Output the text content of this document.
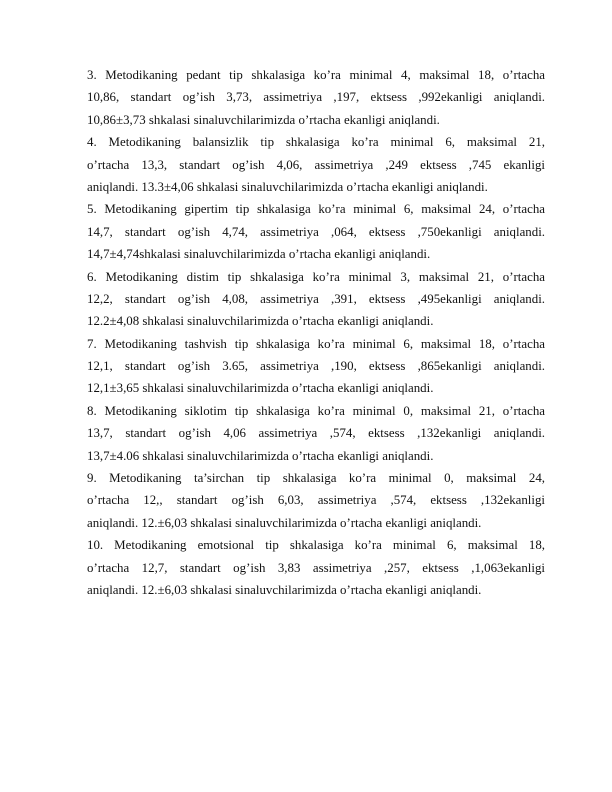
3. Metodikaning pedant tip shkalasiga ko’ra minimal 4, maksimal 18, o’rtacha
10,86, standart og’ish 3,73, assimetriya ,197, ektsess ,992ekanligi aniqlandi.
10,86±3,73 shkalasi sinaluvchilarimizda o’rtacha ekanligi aniqlandi.

4. Metodikaning balansizlik tip shkalasiga ko’ra minimal 6, maksimal 21,
o’rtacha 13,3, standart og’ish 4,06, assimetriya ,249 ektsess ,745 ekanligi
aniqlandi. 13.3±4,06 shkalasi sinaluvchilarimizda o’rtacha ekanligi aniqlandi.

5. Metodikaning gipertim tip shkalasiga ko’ra minimal 6, maksimal 24, o’rtacha
14,7, standart og’ish 4,74, assimetriya ,064, ektsess ,750ekanligi aniqlandi.
14,7±4,74shkalasi sinaluvchilarimizda o’rtacha ekanligi aniqlandi.

6. Metodikaning distim tip shkalasiga ko’ra minimal 3, maksimal 21, o’rtacha
12,2, standart og’ish 4,08, assimetriya ,391, ektsess ,495ekanligi aniqlandi.
12.2±4,08 shkalasi sinaluvchilarimizda o’rtacha ekanligi aniqlandi.

7. Metodikaning tashvish tip shkalasiga ko’ra minimal 6, maksimal 18, o’rtacha
12,1, standart og’ish 3.65, assimetriya ,190, ektsess ,865ekanligi aniqlandi.
12,1±3,65 shkalasi sinaluvchilarimizda o’rtacha ekanligi aniqlandi.

8. Metodikaning siklotim tip shkalasiga ko’ra minimal 0, maksimal 21, o’rtacha
13,7, standart og’ish 4,06 assimetriya ,574, ektsess ,132ekanligi aniqlandi.
13,7±4.06 shkalasi sinaluvchilarimizda o’rtacha ekanligi aniqlandi.

9. Metodikaning ta’sirchan tip shkalasiga ko’ra minimal 0, maksimal 24,
o’rtacha 12,, standart og’ish 6,03, assimetriya ,574, ektsess ,132ekanligi
aniqlandi. 12.±6,03 shkalasi sinaluvchilarimizda o’rtacha ekanligi aniqlandi.

10. Metodikaning emotsional tip shkalasiga ko’ra minimal 6, maksimal 18,
o’rtacha 12,7, standart og’ish 3,83 assimetriya ,257, ektsess ,1,063ekanligi
aniqlandi. 12.±6,03 shkalasi sinaluvchilarimizda o’rtacha ekanligi aniqlandi.
